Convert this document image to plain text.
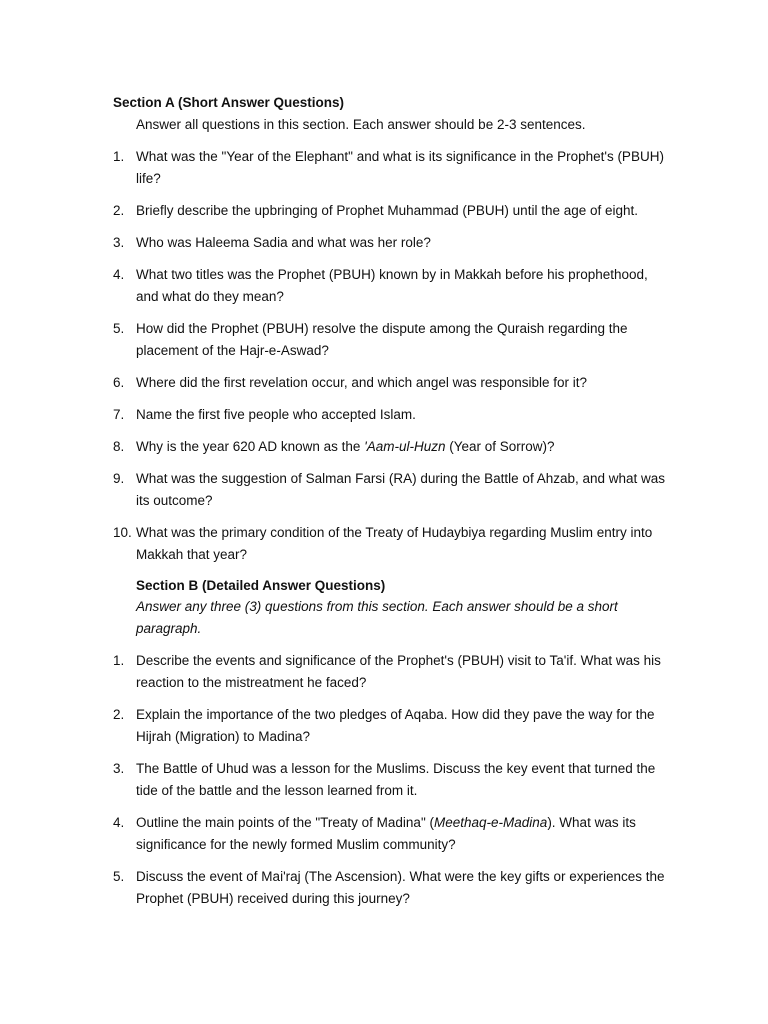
Section A (Short Answer Questions)
Answer all questions in this section. Each answer should be 2-3 sentences.
1. What was the "Year of the Elephant" and what is its significance in the Prophet's (PBUH) life?
2. Briefly describe the upbringing of Prophet Muhammad (PBUH) until the age of eight.
3. Who was Haleema Sadia and what was her role?
4. What two titles was the Prophet (PBUH) known by in Makkah before his prophethood, and what do they mean?
5. How did the Prophet (PBUH) resolve the dispute among the Quraish regarding the placement of the Hajr-e-Aswad?
6. Where did the first revelation occur, and which angel was responsible for it?
7. Name the first five people who accepted Islam.
8. Why is the year 620 AD known as the 'Aam-ul-Huzn (Year of Sorrow)?
9. What was the suggestion of Salman Farsi (RA) during the Battle of Ahzab, and what was its outcome?
10. What was the primary condition of the Treaty of Hudaybiya regarding Muslim entry into Makkah that year?
Section B (Detailed Answer Questions)
Answer any three (3) questions from this section. Each answer should be a short paragraph.
1. Describe the events and significance of the Prophet's (PBUH) visit to Ta'if. What was his reaction to the mistreatment he faced?
2. Explain the importance of the two pledges of Aqaba. How did they pave the way for the Hijrah (Migration) to Madina?
3. The Battle of Uhud was a lesson for the Muslims. Discuss the key event that turned the tide of the battle and the lesson learned from it.
4. Outline the main points of the "Treaty of Madina" (Meethaq-e-Madina). What was its significance for the newly formed Muslim community?
5. Discuss the event of Mai'raj (The Ascension). What were the key gifts or experiences the Prophet (PBUH) received during this journey?
